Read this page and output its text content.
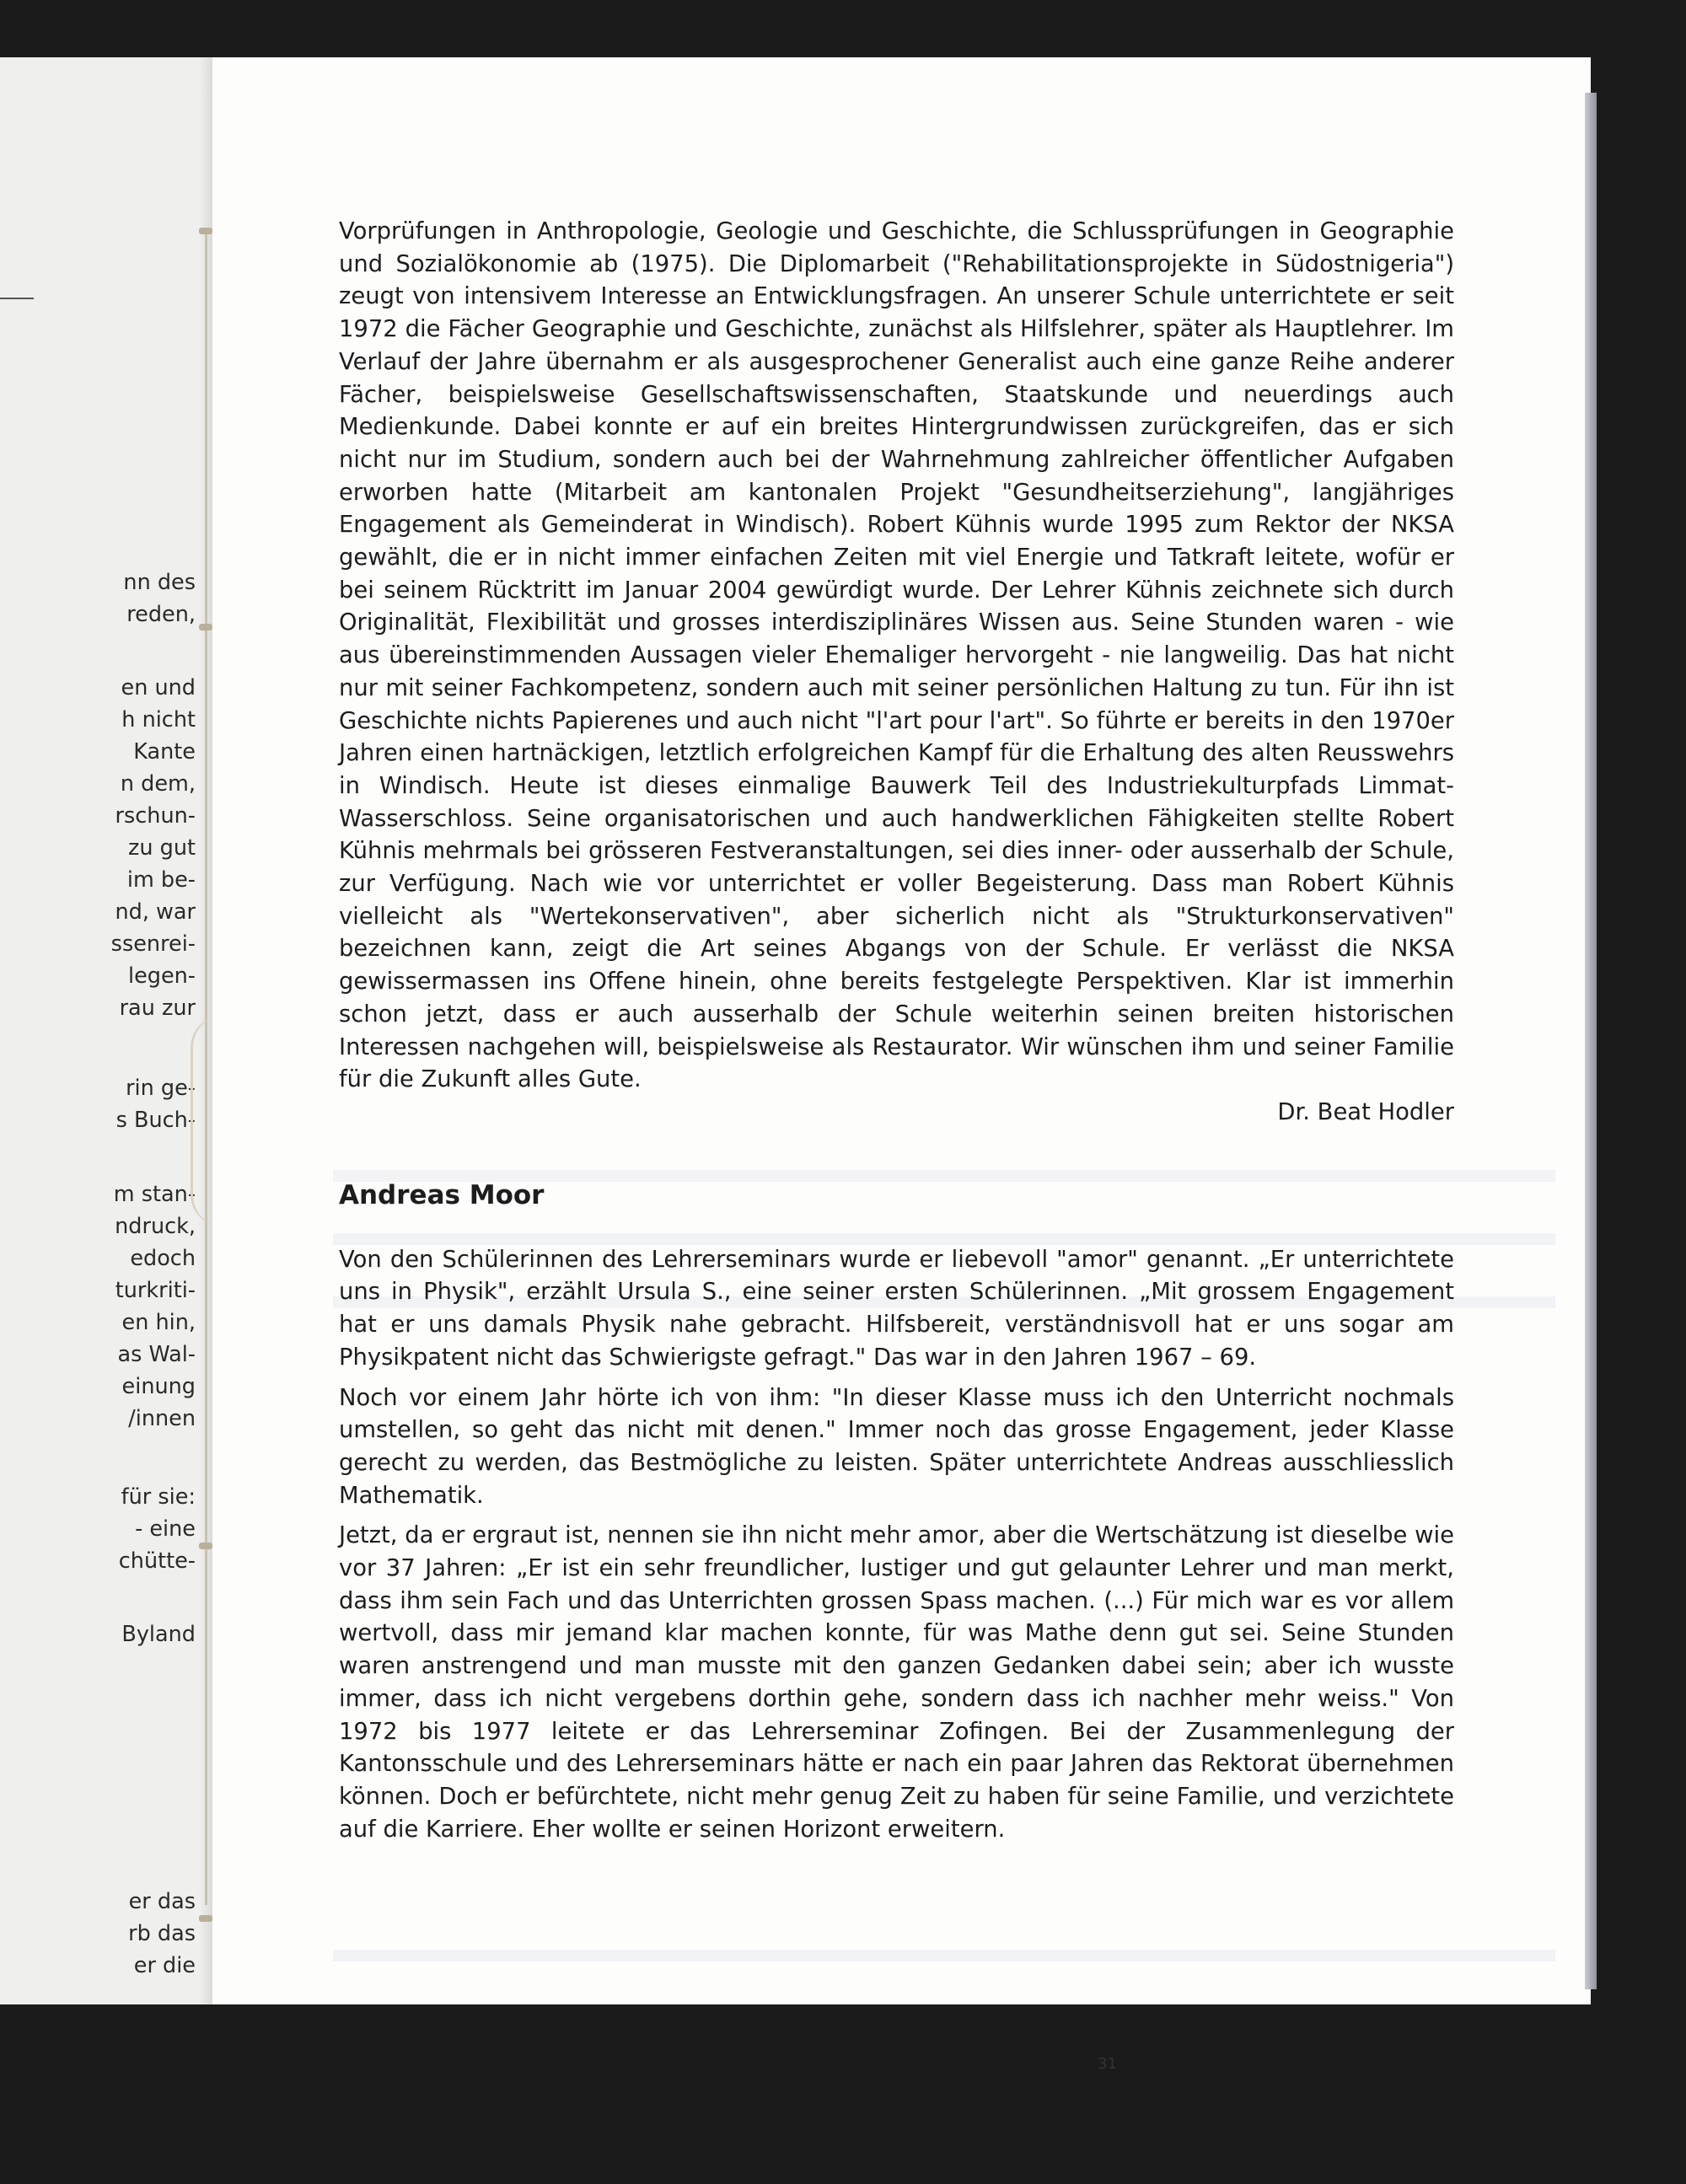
nn des
reden,
en und
h nicht
Kante
n dem,
rschun-
zu gut
im be-
nd, war
ssenrei-
legen-
rau zur
rin ge-
s Buch-
m stan-
ndruck,
edoch
turkriti-
en hin,
as Wal-
einung
/innen
für sie:
- eine
chütte-
Byland
er das
rb das
er die

Vorprüfungen in Anthropologie, Geologie und Geschichte, die Schlussprüfungen in Geographie und Sozialökonomie ab (1975). Die Diplomarbeit ("Rehabilitationsprojekte in Südostnigeria") zeugt von intensivem Interesse an Entwicklungsfragen. An unserer Schule unterrichtete er seit 1972 die Fächer Geographie und Geschichte, zunächst als Hilfslehrer, später als Hauptlehrer. Im Verlauf der Jahre übernahm er als ausgesprochener Generalist auch eine ganze Reihe anderer Fächer, beispielsweise Gesellschaftswissenschaften, Staatskunde und neuerdings auch Medienkunde. Dabei konnte er auf ein breites Hintergrundwissen zurückgreifen, das er sich nicht nur im Studium, sondern auch bei der Wahrnehmung zahlreicher öffentlicher Aufgaben erworben hatte (Mitarbeit am kantonalen Projekt "Gesundheitserziehung", langjähriges Engagement als Gemeinderat in Windisch). Robert Kühnis wurde 1995 zum Rektor der NKSA gewählt, die er in nicht immer einfachen Zeiten mit viel Energie und Tatkraft leitete, wofür er bei seinem Rücktritt im Januar 2004 gewürdigt wurde. Der Lehrer Kühnis zeichnete sich durch Originalität, Flexibilität und grosses interdisziplinäres Wissen aus. Seine Stunden waren - wie aus übereinstimmenden Aussagen vieler Ehemaliger hervorgeht - nie langweilig. Das hat nicht nur mit seiner Fachkompetenz, sondern auch mit seiner persönlichen Haltung zu tun. Für ihn ist Geschichte nichts Papierenes und auch nicht "l'art pour l'art". So führte er bereits in den 1970er Jahren einen hartnäckigen, letztlich erfolgreichen Kampf für die Erhaltung des alten Reusswehrs in Windisch. Heute ist dieses einmalige Bauwerk Teil des Industriekulturpfads Limmat-Wasserschloss. Seine organisatorischen und auch handwerklichen Fähigkeiten stellte Robert Kühnis mehrmals bei grösseren Festveranstaltungen, sei dies inner- oder ausserhalb der Schule, zur Verfügung. Nach wie vor unterrichtet er voller Begeisterung. Dass man Robert Kühnis vielleicht als "Wertekonservativen", aber sicherlich nicht als "Strukturkonservativen" bezeichnen kann, zeigt die Art seines Abgangs von der Schule. Er verlässt die NKSA gewissermassen ins Offene hinein, ohne bereits festgelegte Perspektiven. Klar ist immerhin schon jetzt, dass er auch ausserhalb der Schule weiterhin seinen breiten historischen Interessen nachgehen will, beispielsweise als Restaurator. Wir wünschen ihm und seiner Familie für die Zukunft alles Gute.

Dr. Beat Hodler

Andreas Moor

Von den Schülerinnen des Lehrerseminars wurde er liebevoll "amor" genannt. „Er unterrichtete uns in Physik", erzählt Ursula S., eine seiner ersten Schülerinnen. „Mit grossem Engagement hat er uns damals Physik nahe gebracht. Hilfsbereit, verständnisvoll hat er uns sogar am Physikpatent nicht das Schwierigste gefragt." Das war in den Jahren 1967 – 69.

Noch vor einem Jahr hörte ich von ihm: "In dieser Klasse muss ich den Unterricht nochmals umstellen, so geht das nicht mit denen." Immer noch das grosse Engagement, jeder Klasse gerecht zu werden, das Bestmögliche zu leisten. Später unterrichtete Andreas ausschliesslich Mathematik.

Jetzt, da er ergraut ist, nennen sie ihn nicht mehr amor, aber die Wertschätzung ist dieselbe wie vor 37 Jahren: „Er ist ein sehr freundlicher, lustiger und gut gelaunter Lehrer und man merkt, dass ihm sein Fach und das Unterrichten grossen Spass machen. (...) Für mich war es vor allem wertvoll, dass mir jemand klar machen konnte, für was Mathe denn gut sei. Seine Stunden waren anstrengend und man musste mit den ganzen Gedanken dabei sein; aber ich wusste immer, dass ich nicht vergebens dorthin gehe, sondern dass ich nachher mehr weiss." Von 1972 bis 1977 leitete er das Lehrerseminar Zofingen. Bei der Zusammenlegung der Kantonsschule und des Lehrerseminars hätte er nach ein paar Jahren das Rektorat übernehmen können. Doch er befürchtete, nicht mehr genug Zeit zu haben für seine Familie, und verzichtete auf die Karriere. Eher wollte er seinen Horizont erweitern.

31
